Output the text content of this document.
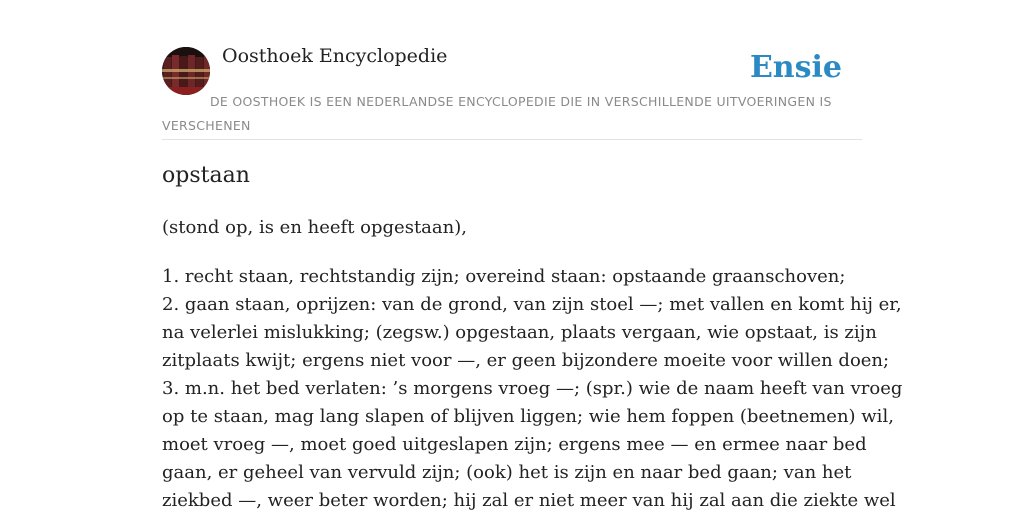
Oosthoek Encyclopedie	Ensie
DE OOSTHOEK IS EEN NEDERLANDSE ENCYCLOPEDIE DIE IN VERSCHILLENDE UITVOERINGEN IS VERSCHENEN
opstaan
(stond op, is en heeft opgestaan),
1. recht staan, rechtstandig zijn; overeind staan: opstaande graanschoven;
2. gaan staan, oprijzen: van de grond, van zijn stoel —; met vallen en komt hij er,
na velerlei mislukking; (zegsw.) opgestaan, plaats vergaan, wie opstaat, is zijn
zitplaats kwijt; ergens niet voor —, er geen bijzondere moeite voor willen doen;
3. m.n. het bed verlaten: ’s morgens vroeg —; (spr.) wie de naam heeft van vroeg
op te staan, mag lang slapen of blijven liggen; wie hem foppen (beetnemen) wil,
moet vroeg —, moet goed uitgeslapen zijn; ergens mee — en ermee naar bed
gaan, er geheel van vervuld zijn; (ook) het is zijn en naar bed gaan; van het
ziekbed —, weer beter worden; hij zal er niet meer van hij zal aan die ziekte wel
